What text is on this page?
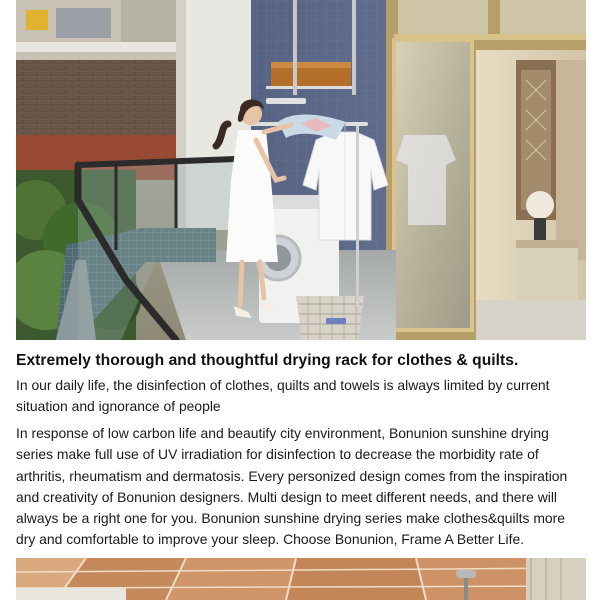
Extremely thorough and thoughtful drying rack for clothes & quilts.
In our daily life, the disinfection of clothes, quilts and towels is always limited by current situation and ignorance of people
In response of low carbon life and beautify city environment, Bonunion sunshine drying series make full use of UV irradiation for disinfection to decrease the morbidity rate of arthritis, rheumatism and dermatosis. Every personized design comes from the inspiration and creativity of Bonunion designers. Multi design to meet different needs, and there will always be a right one for you. Bonunion sunshine drying series make clothes&quilts more dry and comfortable to improve your sleep. Choose Bonunion, Frame A Better Life.
